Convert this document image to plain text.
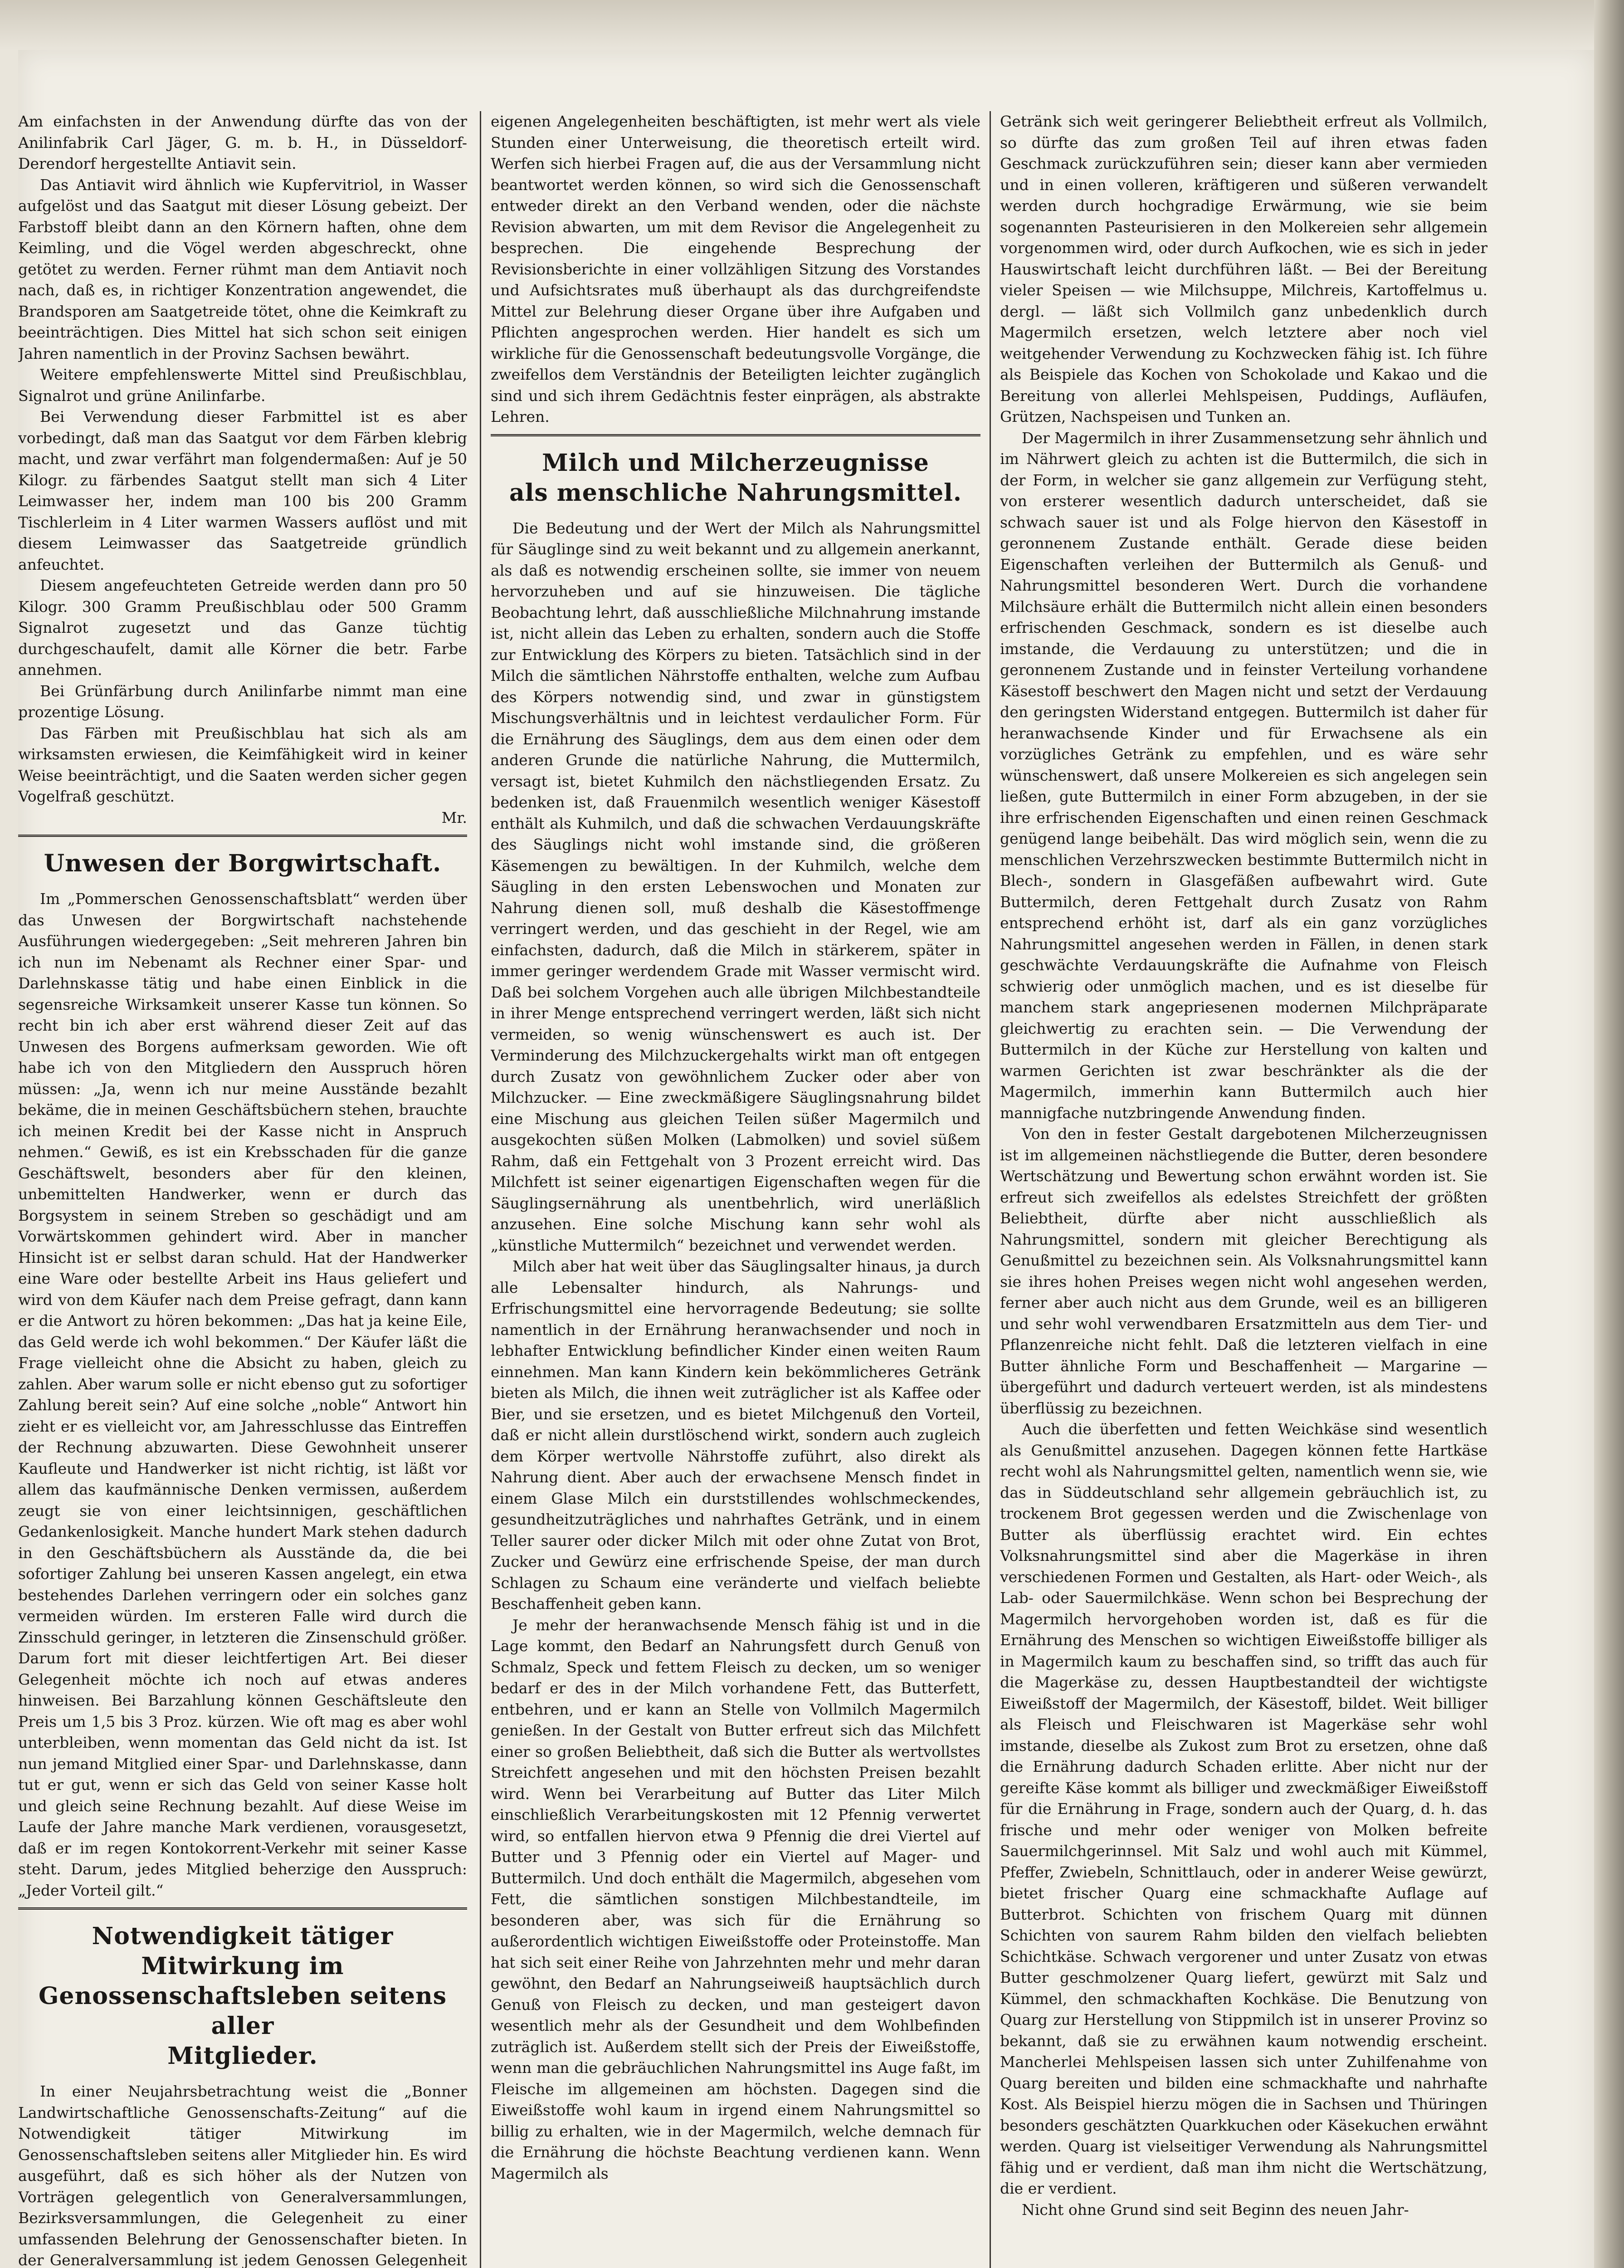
Am einfachsten in der Anwendung dürfte das von der Anilinfabrik Carl Jäger, G. m. b. H., in Düsseldorf-Derendorf hergestellte Antiavit sein.

Das Antiavit wird ähnlich wie Kupfervitriol, in Wasser aufgelöst und das Saatgut mit dieser Lösung gebeizt. Der Farbstoff bleibt dann an den Körnern haften, ohne dem Keimling, und die Vögel werden abgeschreckt, ohne getötet zu werden. Ferner rühmt man dem Antiavit noch nach, daß es, in richtiger Konzentration angewendet, die Brandsporen am Saatgetreide tötet, ohne die Keimkraft zu beeinträchtigen. Dies Mittel hat sich schon seit einigen Jahren namentlich in der Provinz Sachsen bewährt.

Weitere empfehlenswerte Mittel sind Preußischblau, Signalrot und grüne Anilinfarbe.

Bei Verwendung dieser Farbmittel ist es aber vorbedingt, daß man das Saatgut vor dem Färben klebrig macht, und zwar verfährt man folgendermaßen: Auf je 50 Kilogr. zu färbendes Saatgut stellt man sich 4 Liter Leimwasser her, indem man 100 bis 200 Gramm Tischlerleim in 4 Liter warmen Wassers auflöst und mit diesem Leimwasser das Saatgetreide gründlich anfeuchtet.

Diesem angefeuchteten Getreide werden dann pro 50 Kilogr. 300 Gramm Preußischblau oder 500 Gramm Signalrot zugesetzt und das Ganze tüchtig durchgeschaufelt, damit alle Körner die betr. Farbe annehmen.

Bei Grünfärbung durch Anilinfarbe nimmt man eine prozentige Lösung.

Das Färben mit Preußischblau hat sich als am wirksamsten erwiesen, die Keimfähigkeit wird in keiner Weise beeinträchtigt, und die Saaten werden sicher gegen Vogelfraß geschützt.

Mr.

Unwesen der Borgwirtschaft.

Im „Pommerschen Genossenschaftsblatt“ werden über das Unwesen der Borgwirtschaft nachstehende Ausführungen wiedergegeben: „Seit mehreren Jahren bin ich nun im Nebenamt als Rechner einer Spar- und Darlehnskasse tätig und habe einen Einblick in die segensreiche Wirksamkeit unserer Kasse tun können. So recht bin ich aber erst während dieser Zeit auf das Unwesen des Borgens aufmerksam geworden. Wie oft habe ich von den Mitgliedern den Ausspruch hören müssen: „Ja, wenn ich nur meine Ausstände bezahlt bekäme, die in meinen Geschäftsbüchern stehen, brauchte ich meinen Kredit bei der Kasse nicht in Anspruch nehmen.“ Gewiß, es ist ein Krebsschaden für die ganze Geschäftswelt, besonders aber für den kleinen, unbemittelten Handwerker, wenn er durch das Borgsystem in seinem Streben so geschädigt und am Vorwärtskommen gehindert wird. Aber in mancher Hinsicht ist er selbst daran schuld. Hat der Handwerker eine Ware oder bestellte Arbeit ins Haus geliefert und wird von dem Käufer nach dem Preise gefragt, dann kann er die Antwort zu hören bekommen: „Das hat ja keine Eile, das Geld werde ich wohl bekommen.“ Der Käufer läßt die Frage vielleicht ohne die Absicht zu haben, gleich zu zahlen. Aber warum solle er nicht ebenso gut zu sofortiger Zahlung bereit sein? Auf eine solche „noble“ Antwort hin zieht er es vielleicht vor, am Jahresschlusse das Eintreffen der Rechnung abzuwarten. Diese Gewohnheit unserer Kaufleute und Handwerker ist nicht richtig, ist läßt vor allem das kaufmännische Denken vermissen, außerdem zeugt sie von einer leichtsinnigen, geschäftlichen Gedankenlosigkeit. Manche hundert Mark stehen dadurch in den Geschäftsbüchern als Ausstände da, die bei sofortiger Zahlung bei unseren Kassen angelegt, ein etwa bestehendes Darlehen verringern oder ein solches ganz vermeiden würden. Im ersteren Falle wird durch die Zinsschuld geringer, in letzteren die Zinsenschuld größer. Darum fort mit dieser leichtfertigen Art. Bei dieser Gelegenheit möchte ich noch auf etwas anderes hinweisen. Bei Barzahlung können Geschäftsleute den Preis um 1,5 bis 3 Proz. kürzen. Wie oft mag es aber wohl unterbleiben, wenn momentan das Geld nicht da ist. Ist nun jemand Mitglied einer Spar- und Darlehnskasse, dann tut er gut, wenn er sich das Geld von seiner Kasse holt und gleich seine Rechnung bezahlt. Auf diese Weise im Laufe der Jahre manche Mark verdienen, vorausgesetzt, daß er im regen Kontokorrent-Verkehr mit seiner Kasse steht. Darum, jedes Mitglied beherzige den Ausspruch: „Jeder Vorteil gilt.“

Notwendigkeit tätiger Mitwirkung im
Genossenschaftsleben seitens aller
Mitglieder.

In einer Neujahrsbetrachtung weist die „Bonner Landwirtschaftliche Genossenschafts-Zeitung“ auf die Notwendigkeit tätiger Mitwirkung im Genossenschaftsleben seitens aller Mitglieder hin. Es wird ausgeführt, daß es sich höher als der Nutzen von Vorträgen gelegentlich von Generalversammlungen, Bezirksversammlungen, die Gelegenheit zu einer umfassenden Belehrung der Genossenschafter bieten. In der Generalversammlung ist jedem Genossen Gelegenheit

eigenen Angelegenheiten beschäftigten, ist mehr wert als viele Stunden einer Unterweisung, die theoretisch erteilt wird. Werfen sich hierbei Fragen auf, die aus der Versammlung nicht beantwortet werden können, so wird sich die Genossenschaft entweder direkt an den Verband wenden, oder die nächste Revision abwarten, um mit dem Revisor die Angelegenheit zu besprechen. Die eingehende Besprechung der Revisionsberichte in einer vollzähligen Sitzung des Vorstandes und Aufsichtsrates muß überhaupt als das durchgreifendste Mittel zur Belehrung dieser Organe über ihre Aufgaben und Pflichten angesprochen werden. Hier handelt es sich um wirkliche für die Genossenschaft bedeutungsvolle Vorgänge, die zweifellos dem Verständnis der Beteiligten leichter zugänglich sind und sich ihrem Gedächtnis fester einprägen, als abstrakte Lehren.

Milch und Milcherzeugnisse
als menschliche Nahrungsmittel.

Die Bedeutung und der Wert der Milch als Nahrungsmittel für Säuglinge sind zu weit bekannt und zu allgemein anerkannt, als daß es notwendig erscheinen sollte, sie immer von neuem hervorzuheben und auf sie hinzuweisen. Die tägliche Beobachtung lehrt, daß ausschließliche Milchnahrung imstande ist, nicht allein das Leben zu erhalten, sondern auch die Stoffe zur Entwicklung des Körpers zu bieten. Tatsächlich sind in der Milch die sämtlichen Nährstoffe enthalten, welche zum Aufbau des Körpers notwendig sind, und zwar in günstigstem Mischungsverhältnis und in leichtest verdaulicher Form. Für die Ernährung des Säuglings, dem aus dem einen oder dem anderen Grunde die natürliche Nahrung, die Muttermilch, versagt ist, bietet Kuhmilch den nächstliegenden Ersatz. Zu bedenken ist, daß Frauenmilch wesentlich weniger Käsestoff enthält als Kuhmilch, und daß die schwachen Verdauungskräfte des Säuglings nicht wohl imstande sind, die größeren Käsemengen zu bewältigen. In der Kuhmilch, welche dem Säugling in den ersten Lebenswochen und Monaten zur Nahrung dienen soll, muß deshalb die Käsestoffmenge verringert werden, und das geschieht in der Regel, wie am einfachsten, dadurch, daß die Milch in stärkerem, später in immer geringer werdendem Grade mit Wasser vermischt wird. Daß bei solchem Vorgehen auch alle übrigen Milchbestandteile in ihrer Menge entsprechend verringert werden, läßt sich nicht vermeiden, so wenig wünschenswert es auch ist. Der Verminderung des Milchzuckergehalts wirkt man oft entgegen durch Zusatz von gewöhnlichem Zucker oder aber von Milchzucker. — Eine zweckmäßigere Säuglingsnahrung bildet eine Mischung aus gleichen Teilen süßer Magermilch und ausgekochten süßen Molken (Labmolken) und soviel süßem Rahm, daß ein Fettgehalt von 3 Prozent erreicht wird. Das Milchfett ist seiner eigenartigen Eigenschaften wegen für die Säuglingsernährung als unentbehrlich, wird unerläßlich anzusehen. Eine solche Mischung kann sehr wohl als „künstliche Muttermilch“ bezeichnet und verwendet werden.

Milch aber hat weit über das Säuglingsalter hinaus, ja durch alle Lebensalter hindurch, als Nahrungs- und Erfrischungsmittel eine hervorragende Bedeutung; sie sollte namentlich in der Ernährung heranwachsender und noch in lebhafter Entwicklung befindlicher Kinder einen weiten Raum einnehmen. Man kann Kindern kein bekömmlicheres Getränk bieten als Milch, die ihnen weit zuträglicher ist als Kaffee oder Bier, und sie ersetzen, und es bietet Milchgenuß den Vorteil, daß er nicht allein durstlöschend wirkt, sondern auch zugleich dem Körper wertvolle Nährstoffe zuführt, also direkt als Nahrung dient. Aber auch der erwachsene Mensch findet in einem Glase Milch ein durststillendes wohlschmeckendes, gesundheitzuträgliches und nahrhaftes Getränk, und in einem Teller saurer oder dicker Milch mit oder ohne Zutat von Brot, Zucker und Gewürz eine erfrischende Speise, der man durch Schlagen zu Schaum eine veränderte und vielfach beliebte Beschaffenheit geben kann.

Je mehr der heranwachsende Mensch fähig ist und in die Lage kommt, den Bedarf an Nahrungsfett durch Genuß von Schmalz, Speck und fettem Fleisch zu decken, um so weniger bedarf er des in der Milch vorhandene Fett, das Butterfett, entbehren, und er kann an Stelle von Vollmilch Magermilch genießen. In der Gestalt von Butter erfreut sich das Milchfett einer so großen Beliebtheit, daß sich die Butter als wertvollstes Streichfett angesehen und mit den höchsten Preisen bezahlt wird. Wenn bei Verarbeitung auf Butter das Liter Milch einschließlich Verarbeitungskosten mit 12 Pfennig verwertet wird, so entfallen hiervon etwa 9 Pfennig die drei Viertel auf Butter und 3 Pfennig oder ein Viertel auf Mager- und Buttermilch. Und doch enthält die Magermilch, abgesehen vom Fett, die sämtlichen sonstigen Milchbestandteile, im besonderen aber, was sich für die Ernährung so außerordentlich wichtigen Eiweißstoffe oder Proteinstoffe. Man hat sich seit einer Reihe von Jahrzehnten mehr und mehr daran gewöhnt, den Bedarf an Nahrungseiweiß hauptsächlich durch Genuß von Fleisch zu decken, und man gesteigert davon wesentlich mehr als der Gesundheit und dem Wohlbefinden zuträglich ist. Außerdem stellt sich der Preis der Eiweißstoffe, wenn man die gebräuchlichen Nahrungsmittel ins Auge faßt, im Fleische im allgemeinen am höchsten. Dagegen sind die Eiweißstoffe wohl kaum in irgend einem Nahrungsmittel so billig zu erhalten, wie in der Magermilch, welche demnach für die Ernährung die höchste Beachtung verdienen kann. Wenn Magermilch als

Getränk sich weit geringerer Beliebtheit erfreut als Vollmilch, so dürfte das zum großen Teil auf ihren etwas faden Geschmack zurückzuführen sein; dieser kann aber vermieden und in einen volleren, kräftigeren und süßeren verwandelt werden durch hochgradige Erwärmung, wie sie beim sogenannten Pasteurisieren in den Molkereien sehr allgemein vorgenommen wird, oder durch Aufkochen, wie es sich in jeder Hauswirtschaft leicht durchführen läßt. — Bei der Bereitung vieler Speisen — wie Milchsuppe, Milchreis, Kartoffelmus u. dergl. — läßt sich Vollmilch ganz unbedenklich durch Magermilch ersetzen, welch letztere aber noch viel weitgehender Verwendung zu Kochzwecken fähig ist. Ich führe als Beispiele das Kochen von Schokolade und Kakao und die Bereitung von allerlei Mehlspeisen, Puddings, Aufläufen, Grützen, Nachspeisen und Tunken an.

Der Magermilch in ihrer Zusammensetzung sehr ähnlich und im Nährwert gleich zu achten ist die Buttermilch, die sich in der Form, in welcher sie ganz allgemein zur Verfügung steht, von ersterer wesentlich dadurch unterscheidet, daß sie schwach sauer ist und als Folge hiervon den Käsestoff in geronnenem Zustande enthält. Gerade diese beiden Eigenschaften verleihen der Buttermilch als Genuß- und Nahrungsmittel besonderen Wert. Durch die vorhandene Milchsäure erhält die Buttermilch nicht allein einen besonders erfrischenden Geschmack, sondern es ist dieselbe auch imstande, die Verdauung zu unterstützen; und die in geronnenem Zustande und in feinster Verteilung vorhandene Käsestoff beschwert den Magen nicht und setzt der Verdauung den geringsten Widerstand entgegen. Buttermilch ist daher für heranwachsende Kinder und für Erwachsene als ein vorzügliches Getränk zu empfehlen, und es wäre sehr wünschenswert, daß unsere Molkereien es sich angelegen sein ließen, gute Buttermilch in einer Form abzugeben, in der sie ihre erfrischenden Eigenschaften und einen reinen Geschmack genügend lange beibehält. Das wird möglich sein, wenn die zu menschlichen Verzehrszwecken bestimmte Buttermilch nicht in Blech-, sondern in Glasgefäßen aufbewahrt wird. Gute Buttermilch, deren Fettgehalt durch Zusatz von Rahm entsprechend erhöht ist, darf als ein ganz vorzügliches Nahrungsmittel angesehen werden in Fällen, in denen stark geschwächte Verdauungskräfte die Aufnahme von Fleisch schwierig oder unmöglich machen, und es ist dieselbe für manchem stark angepriesenen modernen Milchpräparate gleichwertig zu erachten sein. — Die Verwendung der Buttermilch in der Küche zur Herstellung von kalten und warmen Gerichten ist zwar beschränkter als die der Magermilch, immerhin kann Buttermilch auch hier mannigfache nutzbringende Anwendung finden.

Von den in fester Gestalt dargebotenen Milcherzeugnissen ist im allgemeinen nächstliegende die Butter, deren besondere Wertschätzung und Bewertung schon erwähnt worden ist. Sie erfreut sich zweifellos als edelstes Streichfett der größten Beliebtheit, dürfte aber nicht ausschließlich als Nahrungsmittel, sondern mit gleicher Berechtigung als Genußmittel zu bezeichnen sein. Als Volksnahrungsmittel kann sie ihres hohen Preises wegen nicht wohl angesehen werden, ferner aber auch nicht aus dem Grunde, weil es an billigeren und sehr wohl verwendbaren Ersatzmitteln aus dem Tier- und Pflanzenreiche nicht fehlt. Daß die letzteren vielfach in eine Butter ähnliche Form und Beschaffenheit — Margarine — übergeführt und dadurch verteuert werden, ist als mindestens überflüssig zu bezeichnen.

Auch die überfetten und fetten Weichkäse sind wesentlich als Genußmittel anzusehen. Dagegen können fette Hartkäse recht wohl als Nahrungsmittel gelten, namentlich wenn sie, wie das in Süddeutschland sehr allgemein gebräuchlich ist, zu trockenem Brot gegessen werden und die Zwischenlage von Butter als überflüssig erachtet wird. Ein echtes Volksnahrungsmittel sind aber die Magerkäse in ihren verschiedenen Formen und Gestalten, als Hart- oder Weich-, als Lab- oder Sauermilchkäse. Wenn schon bei Besprechung der Magermilch hervorgehoben worden ist, daß es für die Ernährung des Menschen so wichtigen Eiweißstoffe billiger als in Magermilch kaum zu beschaffen sind, so trifft das auch für die Magerkäse zu, dessen Hauptbestandteil der wichtigste Eiweißstoff der Magermilch, der Käsestoff, bildet. Weit billiger als Fleisch und Fleischwaren ist Magerkäse sehr wohl imstande, dieselbe als Zukost zum Brot zu ersetzen, ohne daß die Ernährung dadurch Schaden erlitte. Aber nicht nur der gereifte Käse kommt als billiger und zweckmäßiger Eiweißstoff für die Ernährung in Frage, sondern auch der Quarg, d. h. das frische und mehr oder weniger von Molken befreite Sauermilchgerinnsel. Mit Salz und wohl auch mit Kümmel, Pfeffer, Zwiebeln, Schnittlauch, oder in anderer Weise gewürzt, bietet frischer Quarg eine schmackhafte Auflage auf Butterbrot. Schichten von frischem Quarg mit dünnen Schichten von saurem Rahm bilden den vielfach beliebten Schichtkäse. Schwach vergorener und unter Zusatz von etwas Butter geschmolzener Quarg liefert, gewürzt mit Salz und Kümmel, den schmackhaften Kochkäse. Die Benutzung von Quarg zur Herstellung von Stippmilch ist in unserer Provinz so bekannt, daß sie zu erwähnen kaum notwendig erscheint. Mancherlei Mehlspeisen lassen sich unter Zuhilfenahme von Quarg bereiten und bilden eine schmackhafte und nahrhafte Kost. Als Beispiel hierzu mögen die in Sachsen und Thüringen besonders geschätzten Quarkkuchen oder Käsekuchen erwähnt werden. Quarg ist vielseitiger Verwendung als Nahrungsmittel fähig und er verdient, daß man ihm nicht die Wertschätzung, die er verdient.

Nicht ohne Grund sind seit Beginn des neuen Jahr-
